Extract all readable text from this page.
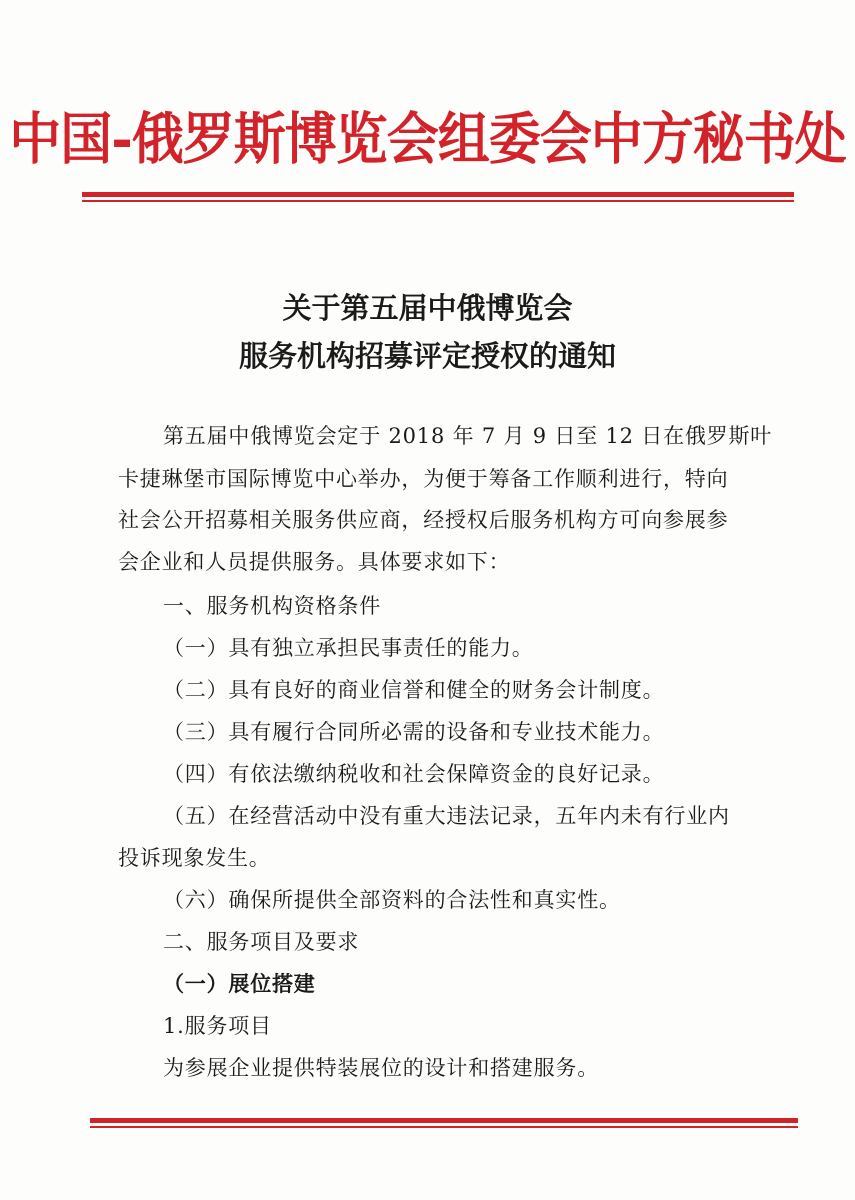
中国-俄罗斯博览会组委会中方秘书处
关于第五届中俄博览会
服务机构招募评定授权的通知
第五届中俄博览会定于 2018 年 7 月 9 日至 12 日在俄罗斯叶
卡捷琳堡市国际博览中心举办，为便于筹备工作顺利进行，特向
社会公开招募相关服务供应商，经授权后服务机构方可向参展参
会企业和人员提供服务。具体要求如下：
一、服务机构资格条件
（一）具有独立承担民事责任的能力。
（二）具有良好的商业信誉和健全的财务会计制度。
（三）具有履行合同所必需的设备和专业技术能力。
（四）有依法缴纳税收和社会保障资金的良好记录。
（五）在经营活动中没有重大违法记录，五年内未有行业内
投诉现象发生。
（六）确保所提供全部资料的合法性和真实性。
二、服务项目及要求
（一）展位搭建
1.服务项目
为参展企业提供特装展位的设计和搭建服务。
